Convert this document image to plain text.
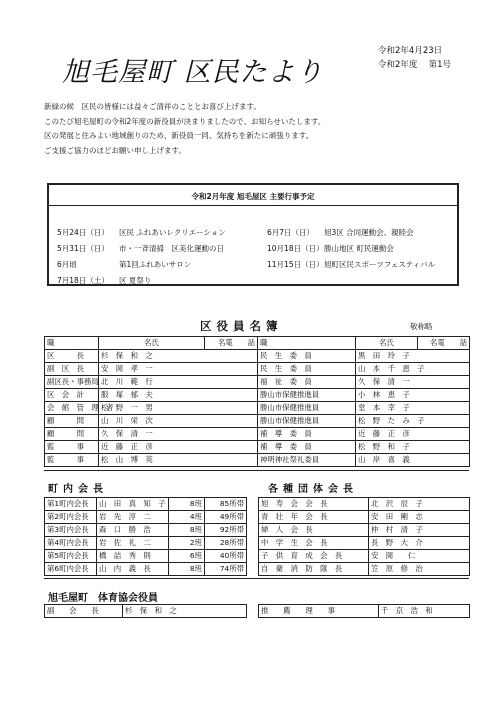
旭毛屋町 区民たより
令和2年4月23日
令和2年度　 第1号
新緑の候　区民の皆様には益々ご清祥のこととお喜び上げます。
このたび旭毛屋町の令和2年度の新役員が決まりましたので、お知らせいたします。
区の発展と住みよい地域創りのため、新役員一同、気持ちを新たに頑張ります。
ご支援ご協力のほどお願い申し上げます。
令和2月年度 旭毛屋区 主要行事予定
5月24日（日） 区民 ふれあいレクリエーション
5月31日（日） 市・一斉清掃　区美化運動の日
6月頃	第1回ふれあいサロン
7月18日（土） 区 夏祭り
6月7日（日） 旭3区 合同運動会、親睦会
10月18日（日）勝山地区 町民運動会
11月15日（日）旭町区民スポーツフェスティバル
区役員名簿	敬称略
職	名氏	名電　　話	職	名氏	名電　　話
区　　　長	杉　保　和　之		民　生　委　員	黒　田　玲　子	
副　区　長	安　岡　孝　一		民　生　委　員	山　本　千　恵　子	
副区長・事務局	北　川　範　行		福　祉　委　員	久　保　清　一	
区　会　計	服　塚　郁　夫		勝山市保健推進員	小　林　恵　子	
会　館　管　理　者	松　野　一　男		勝山市保健推進員	堂　本　幸　子	
顧　　　問	山　川　栄　次		勝山市保健推進員	松　野　た　み　子	
顧　　　問	久　保　清　一		補　導　委　員	近　藤　正　彦	
監　　　事	近　藤　正　彦		補　導　委　員	松　野　和　子	
監　　　事	松　山　博　英		神明神社祭礼委員	山　岸　喜　義	
町内会長
第1町内会長	山　田　真　知　子	8班	85所帯
第2町内会長	岩　先　淳　二	4班	49所帯
第3町内会長	森　口　勝　浩	8班	92所帯
第4町内会長	岩　佐　礼　二	2班	28所帯
第5町内会長	橋　詰　秀　則	6班	40所帯
第6町内会長	山　内　義　長	8班	74所帯
各種団体会長
旭　寿　会　会　長	北　沢　辰　子
青　壮　年　会　長	安　田　剛　志
婦　人　会　長	仲　村　清　子
中　学　生　会　長	長　野　大　介
子　供　育　成　会　長	安　岡　　仁
自　衛　消　防　隊　長	笠　原　修　治
旭毛屋町　体育協会役員
副　　会　　長	杉　保　和　之	推　　薦　　理　　事	千　京　浩　和
